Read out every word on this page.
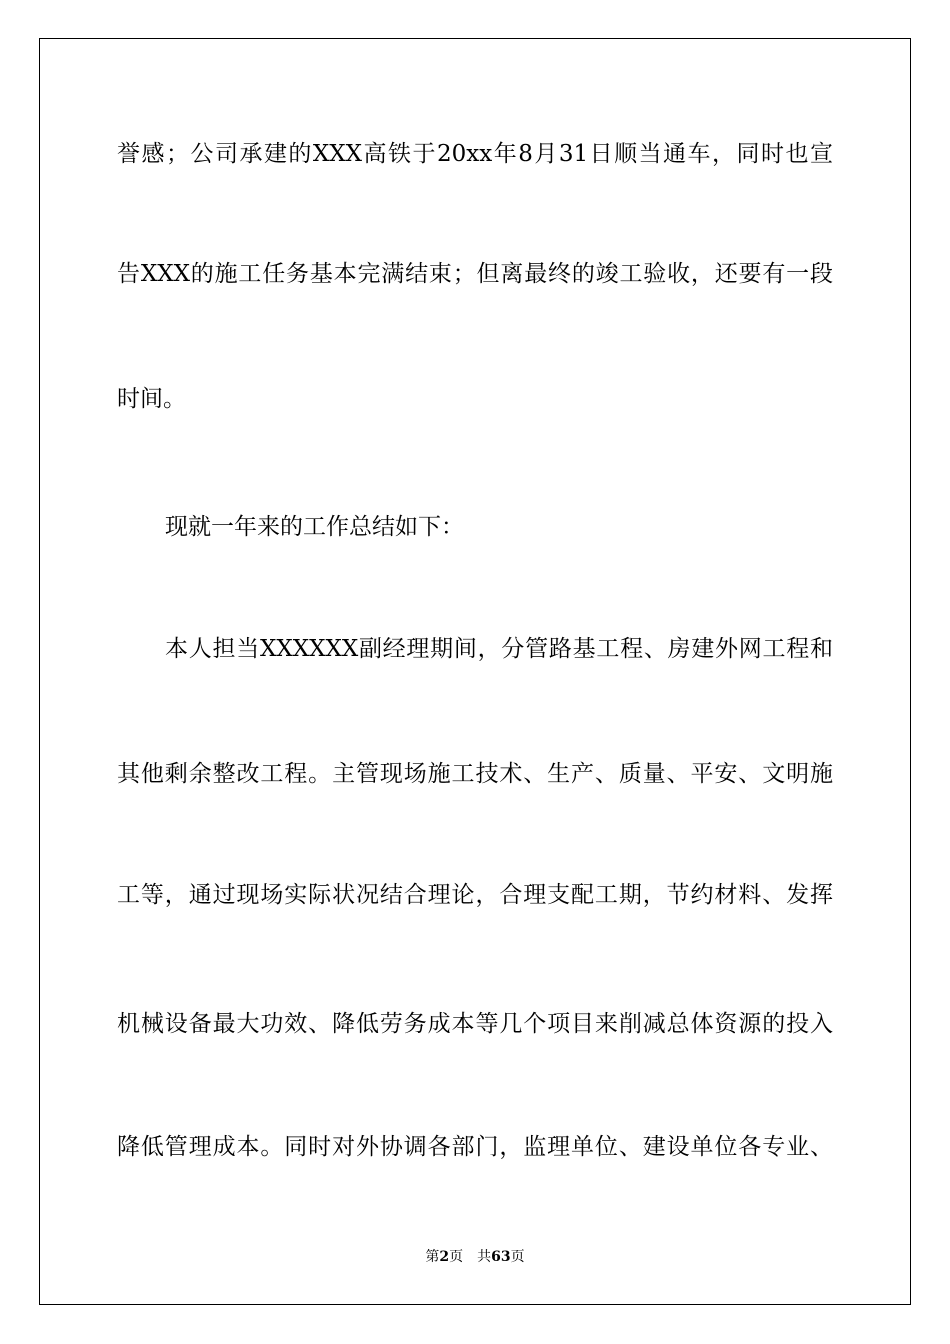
誉感；公司承建的XXX高铁于20xx年8月31日顺当通车，同时也宣
告XXX的施工任务基本完满结束；但离最终的竣工验收，还要有一段
时间。
现就一年来的工作总结如下：
本人担当XXXXXX副经理期间，分管路基工程、房建外网工程和
其他剩余整改工程。主管现场施工技术、生产、质量、平安、文明施
工等，通过现场实际状况结合理论，合理支配工期，节约材料、发挥
机械设备最大功效、降低劳务成本等几个项目来削减总体资源的投入
降低管理成本。同时对外协调各部门，监理单位、建设单位各专业、
第2页 共63页
